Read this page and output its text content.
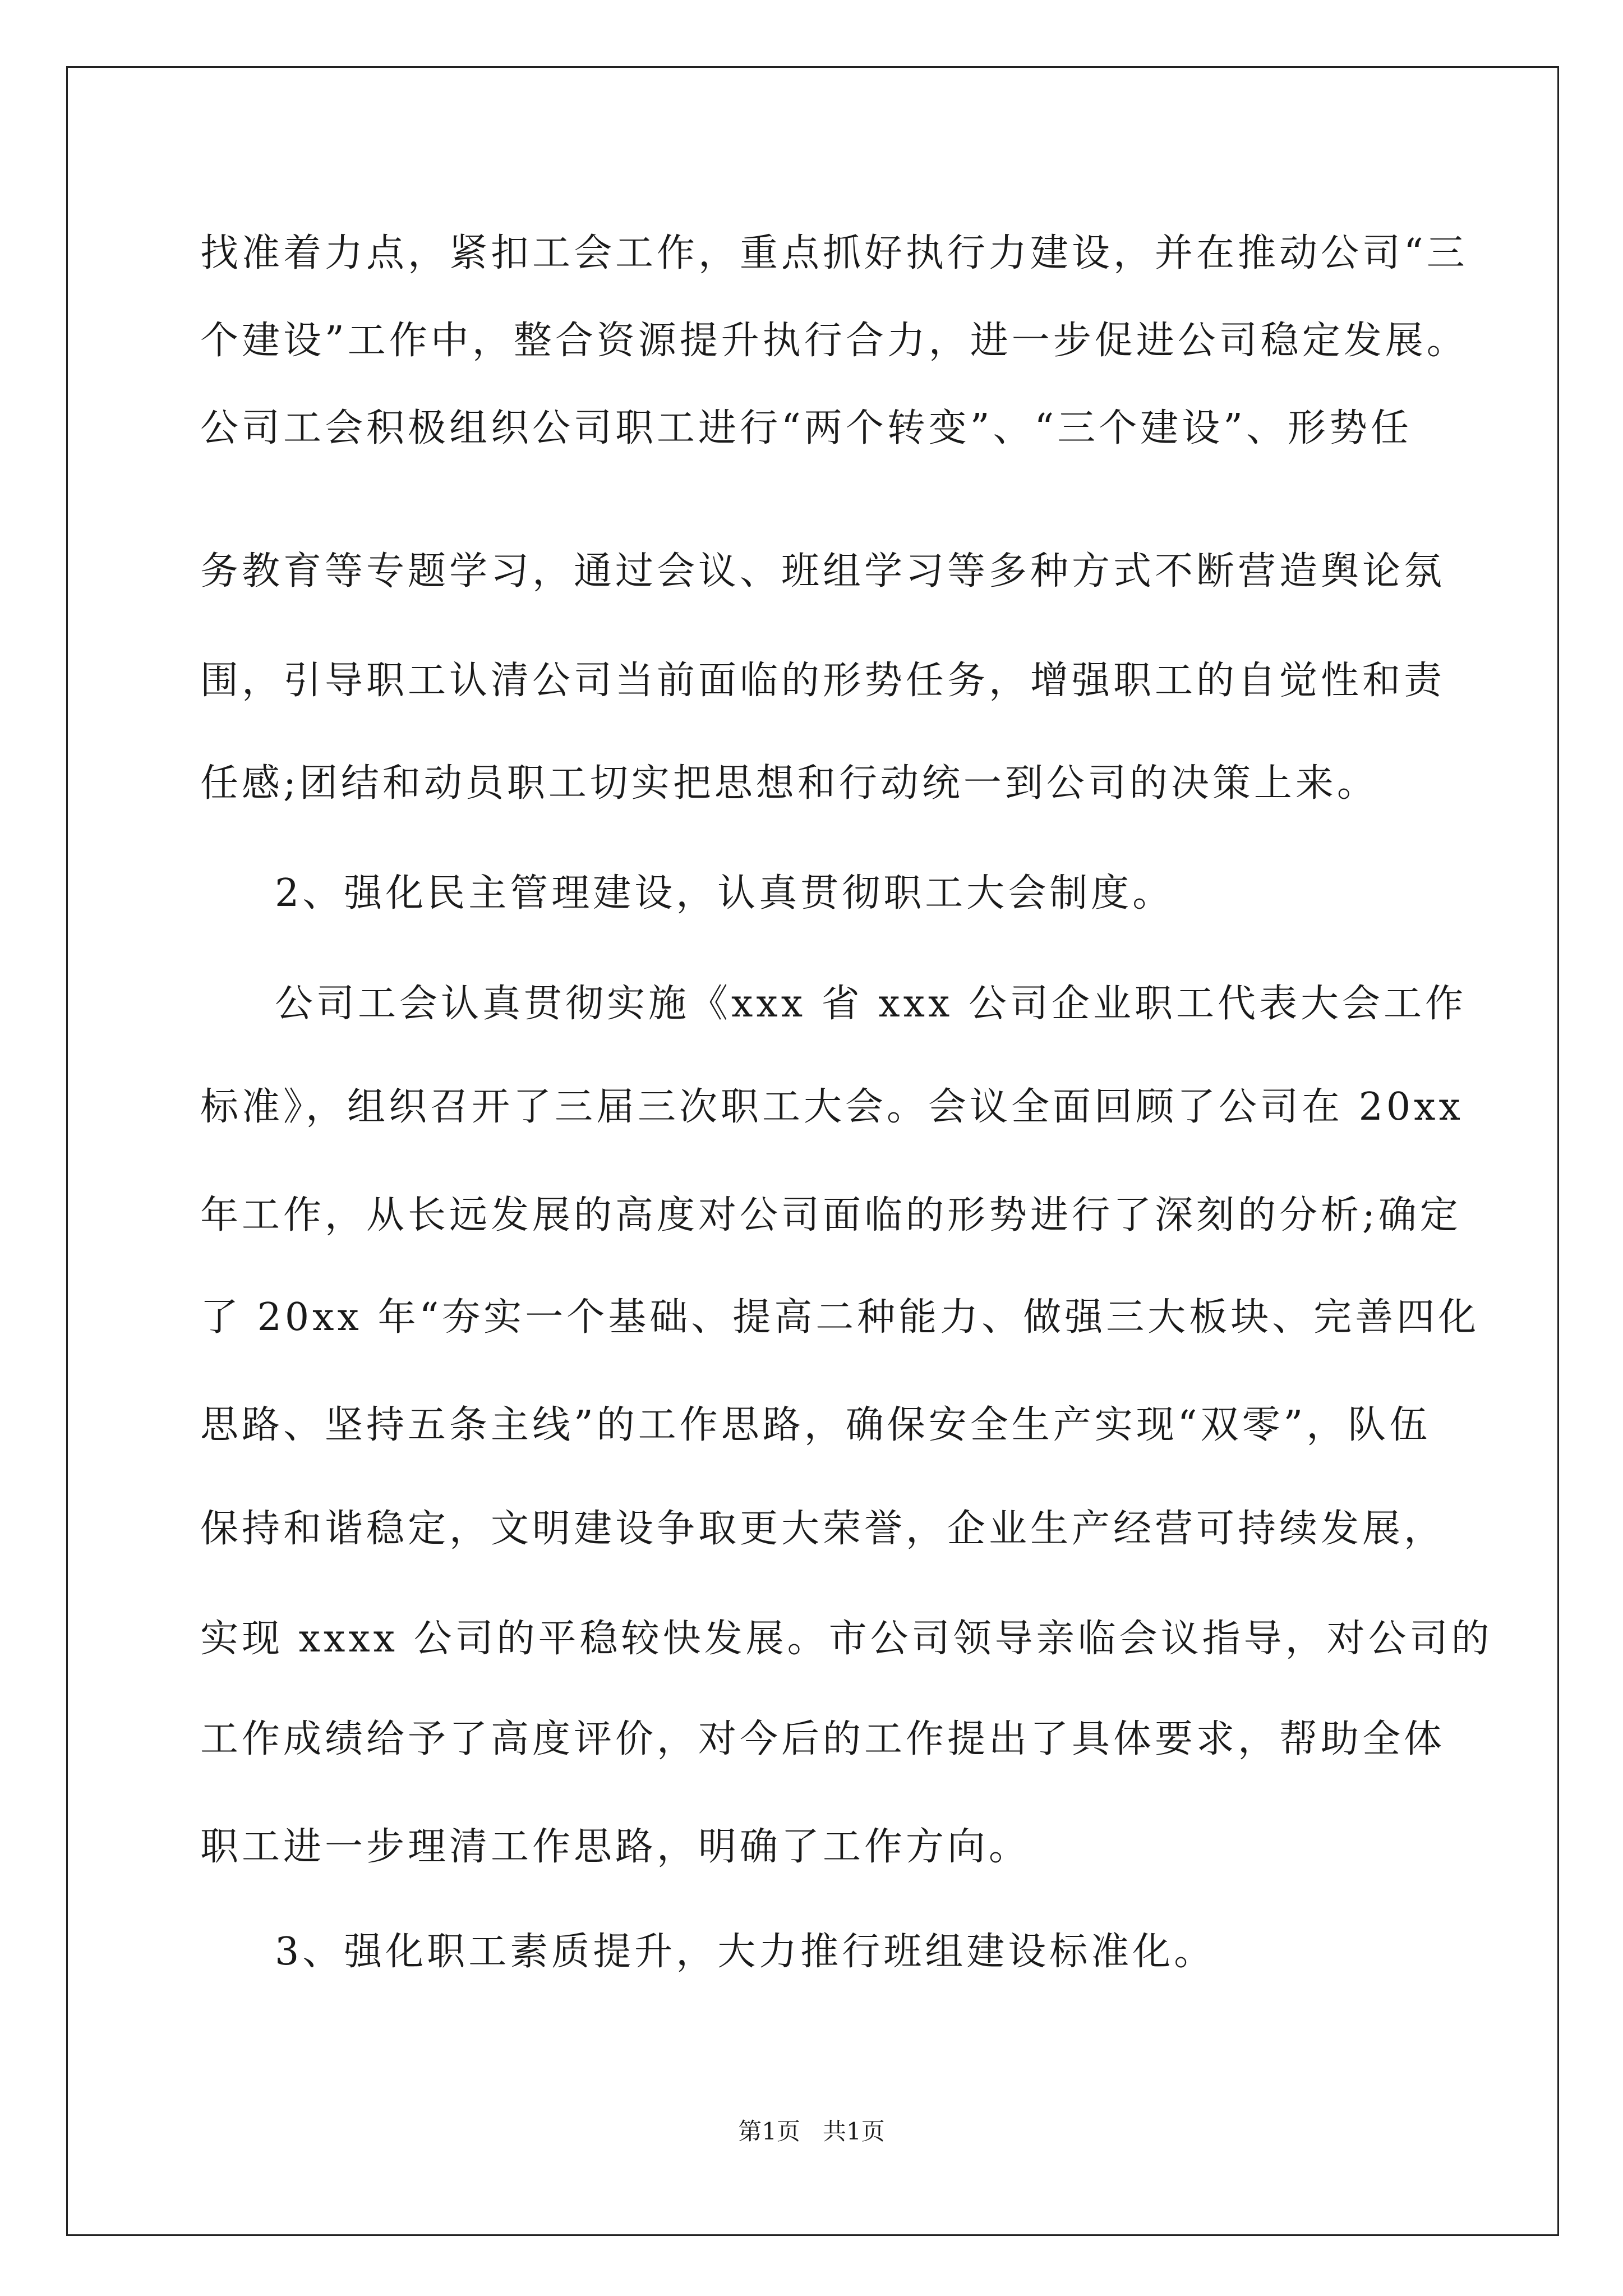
找准着力点，紧扣工会工作，重点抓好执行力建设，并在推动公司“三
个建设”工作中，整合资源提升执行合力，进一步促进公司稳定发展。
公司工会积极组织公司职工进行“两个转变”、“三个建设”、形势任
务教育等专题学习，通过会议、班组学习等多种方式不断营造舆论氛
围，引导职工认清公司当前面临的形势任务，增强职工的自觉性和责
任感;团结和动员职工切实把思想和行动统一到公司的决策上来。
2、强化民主管理建设，认真贯彻职工大会制度。
公司工会认真贯彻实施《xxx 省 xxx 公司企业职工代表大会工作
标准》，组织召开了三届三次职工大会。会议全面回顾了公司在 20xx
年工作，从长远发展的高度对公司面临的形势进行了深刻的分析;确定
了 20xx 年“夯实一个基础、提高二种能力、做强三大板块、完善四化
思路、坚持五条主线”的工作思路，确保安全生产实现“双零”，队伍
保持和谐稳定，文明建设争取更大荣誉，企业生产经营可持续发展，
实现 xxxx 公司的平稳较快发展。市公司领导亲临会议指导，对公司的
工作成绩给予了高度评价，对今后的工作提出了具体要求，帮助全体
职工进一步理清工作思路，明确了工作方向。
3、强化职工素质提升，大力推行班组建设标准化。
第1页   共1页
